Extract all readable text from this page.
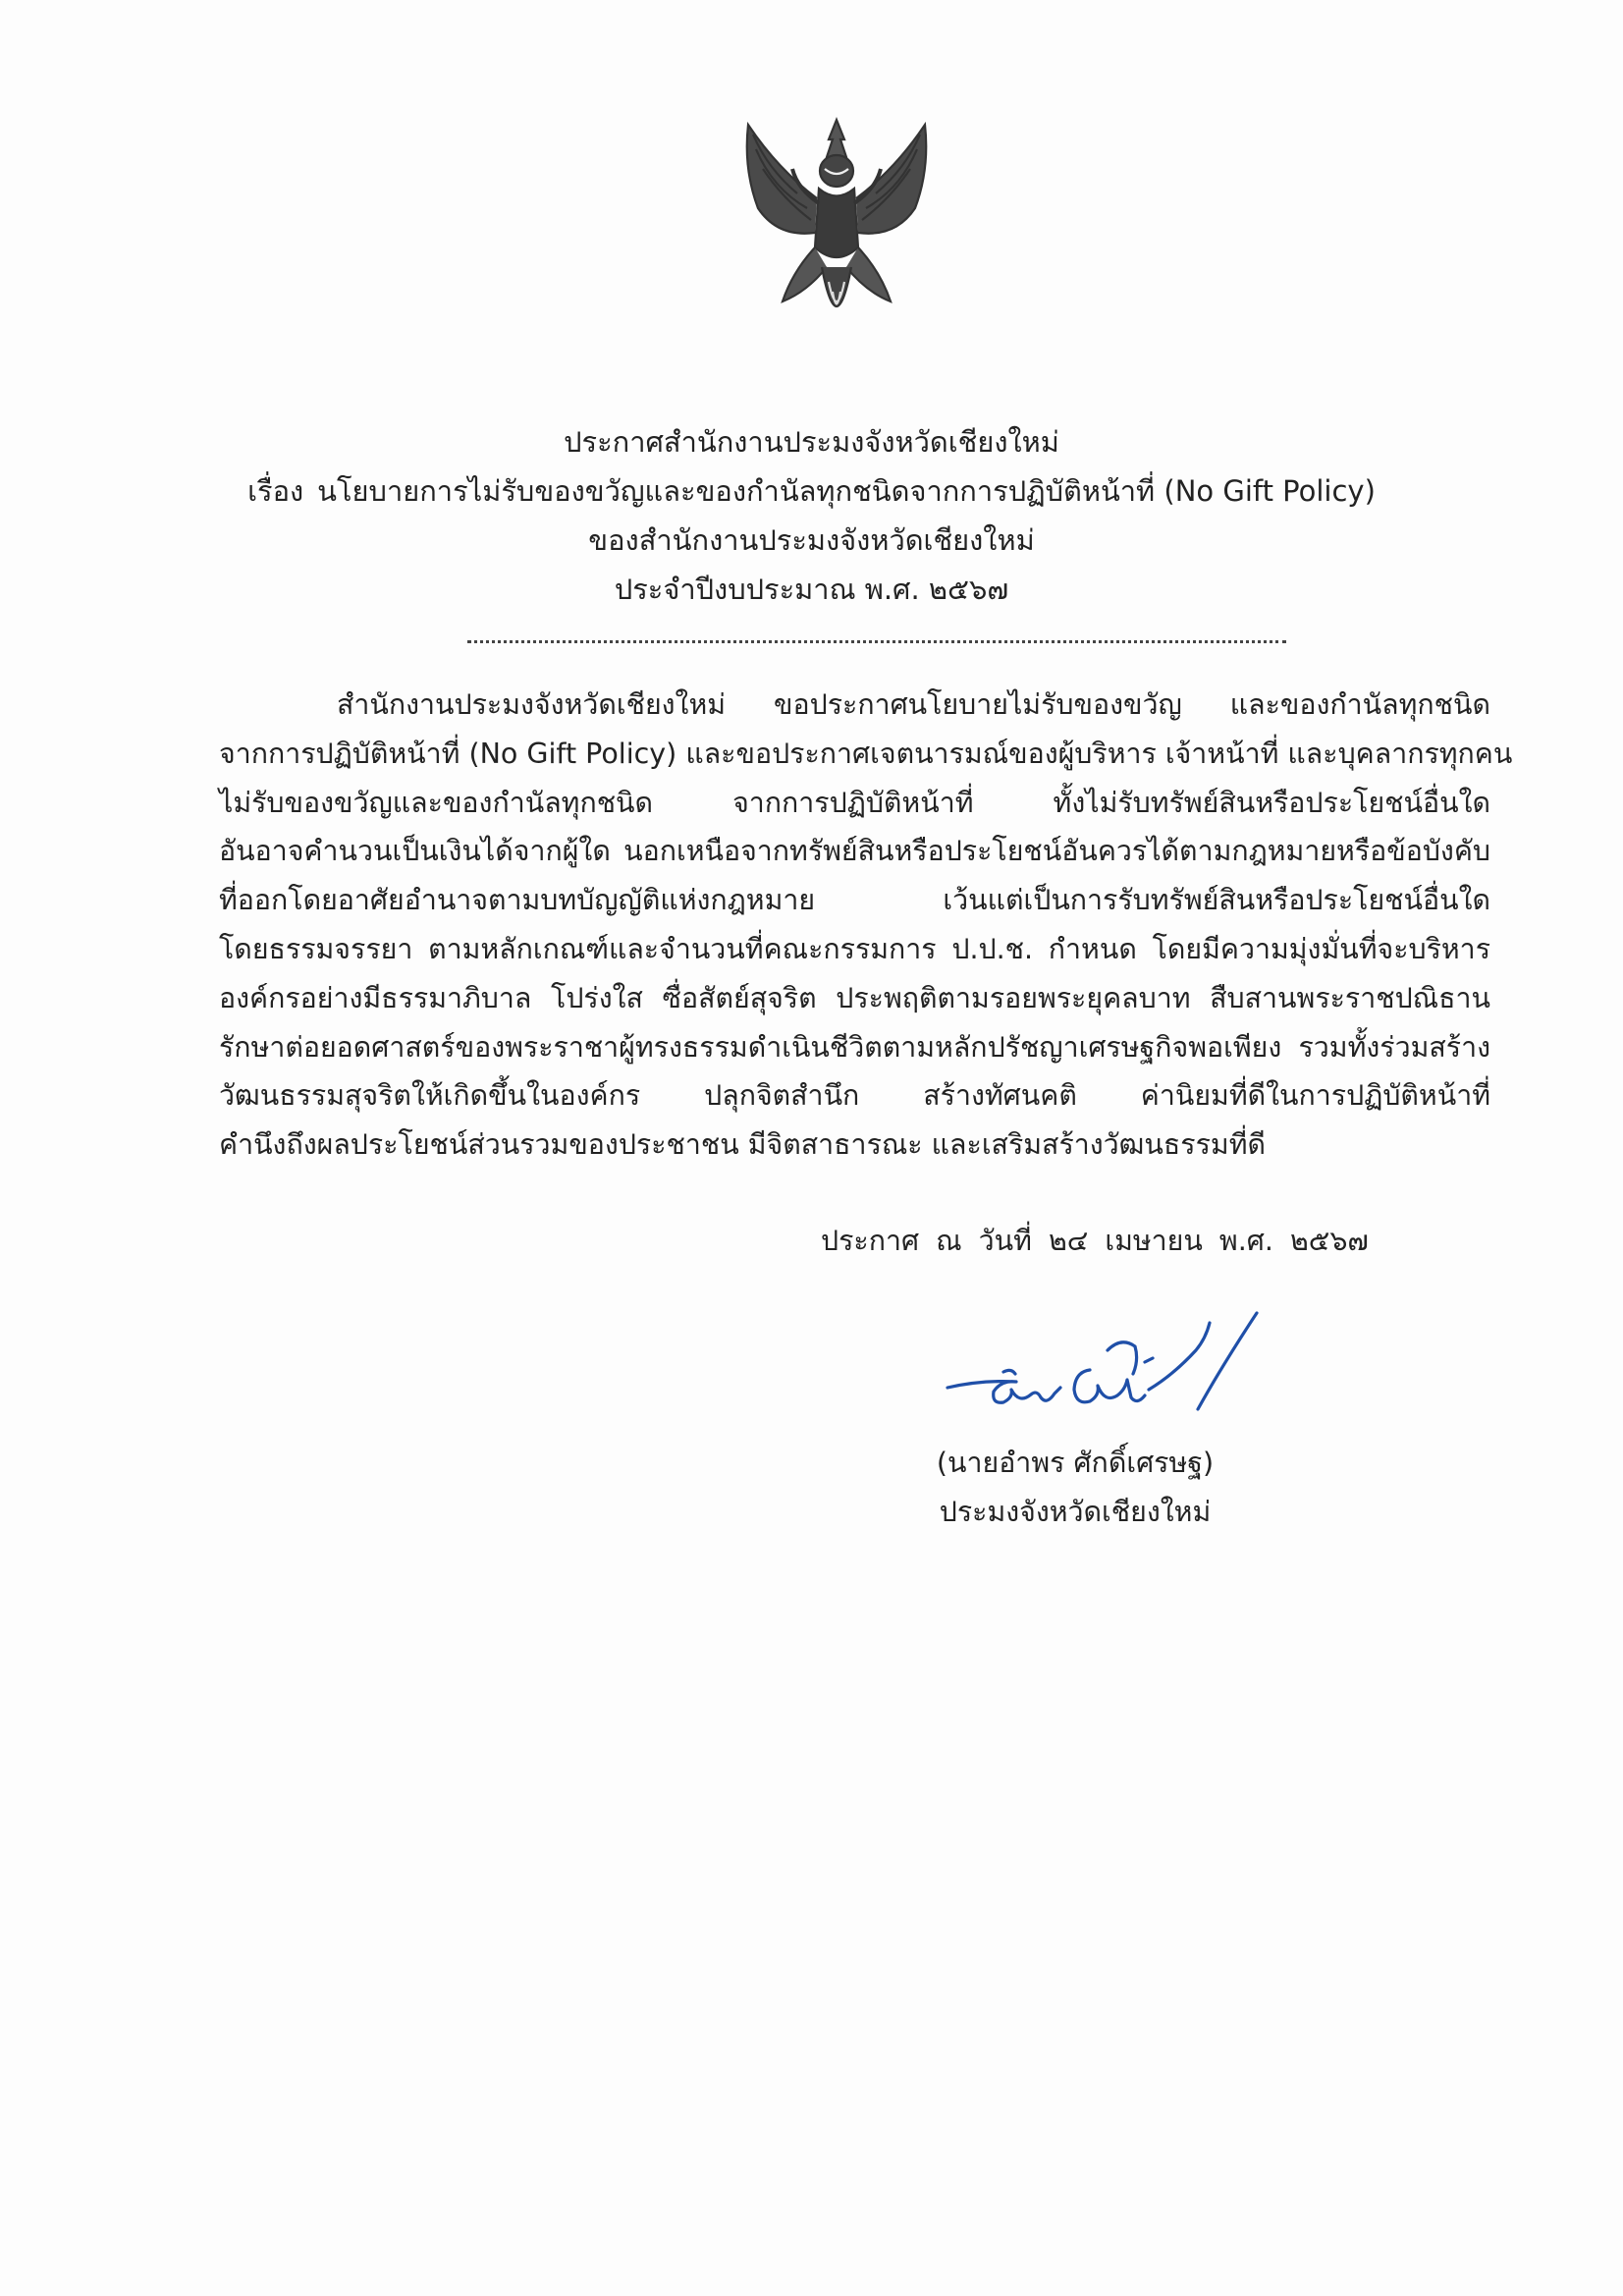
ประกาศสำนักงานประมงจังหวัดเชียงใหม่
เรื่อง นโยบายการไม่รับของขวัญและของกำนัลทุกชนิดจากการปฏิบัติหน้าที่ (No Gift Policy)
ของสำนักงานประมงจังหวัดเชียงใหม่
ประจำปีงบประมาณ พ.ศ. ๒๕๖๗
สำนักงานประมงจังหวัดเชียงใหม่ ขอประกาศนโยบายไม่รับของขวัญ และของกำนัลทุกชนิด
จากการปฏิบัติหน้าที่ (No Gift Policy) และขอประกาศเจตนารมณ์ของผู้บริหาร เจ้าหน้าที่ และบุคลากรทุกคน
ไม่รับของขวัญและของกำนัลทุกชนิด จากการปฏิบัติหน้าที่ ทั้งไม่รับทรัพย์สินหรือประโยชน์อื่นใด
อันอาจคำนวนเป็นเงินได้จากผู้ใด นอกเหนือจากทรัพย์สินหรือประโยชน์อันควรได้ตามกฎหมายหรือข้อบังคับ
ที่ออกโดยอาศัยอำนาจตามบทบัญญัติแห่งกฎหมาย เว้นแต่เป็นการรับทรัพย์สินหรือประโยชน์อื่นใด
โดยธรรมจรรยา ตามหลักเกณฑ์และจำนวนที่คณะกรรมการ ป.ป.ช. กำหนด โดยมีความมุ่งมั่นที่จะบริหาร
องค์กรอย่างมีธรรมาภิบาล โปร่งใส ซื่อสัตย์สุจริต ประพฤติตามรอยพระยุคลบาท สืบสานพระราชปณิธาน
รักษาต่อยอดศาสตร์ของพระราชาผู้ทรงธรรมดำเนินชีวิตตามหลักปรัชญาเศรษฐกิจพอเพียง รวมทั้งร่วมสร้าง
วัฒนธรรมสุจริตให้เกิดขึ้นในองค์กร ปลุกจิตสำนึก สร้างทัศนคติ ค่านิยมที่ดีในการปฏิบัติหน้าที่
คำนึงถึงผลประโยชน์ส่วนรวมของประชาชน มีจิตสาธารณะ และเสริมสร้างวัฒนธรรมที่ดี
ประกาศ ณ วันที่ ๒๔ เมษายน พ.ศ. ๒๕๖๗
(นายอำพร ศักดิ์เศรษฐ)
ประมงจังหวัดเชียงใหม่
